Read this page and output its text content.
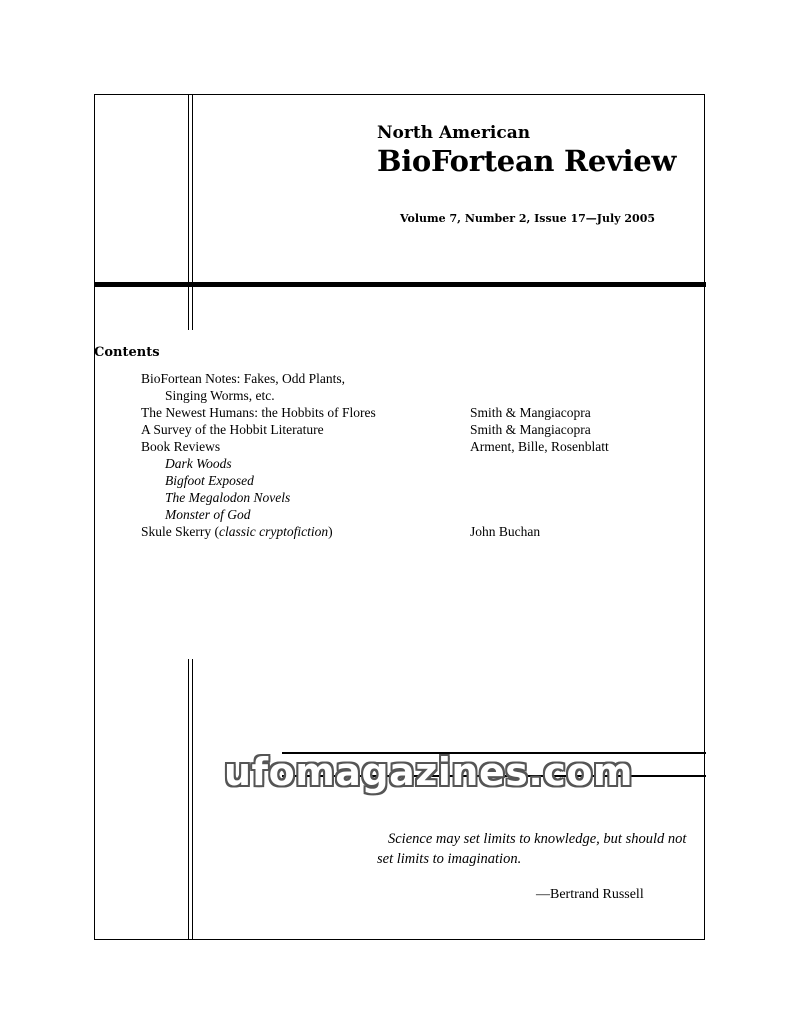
North American
BioFortean Review
Volume 7, Number 2, Issue 17—July 2005
Contents
BioFortean Notes: Fakes, Odd Plants,
Singing Worms, etc.
The Newest Humans: the Hobbits of Flores	Smith & Mangiacopra
A Survey of the Hobbit Literature	Smith & Mangiacopra
Book Reviews	Arment, Bille, Rosenblatt
Dark Woods
Bigfoot Exposed
The Megalodon Novels
Monster of God
Skule Skerry (classic cryptofiction)	John Buchan
ufomagazines.com
Science may set limits to knowledge, but should not set limits to imagination.
—Bertrand Russell
